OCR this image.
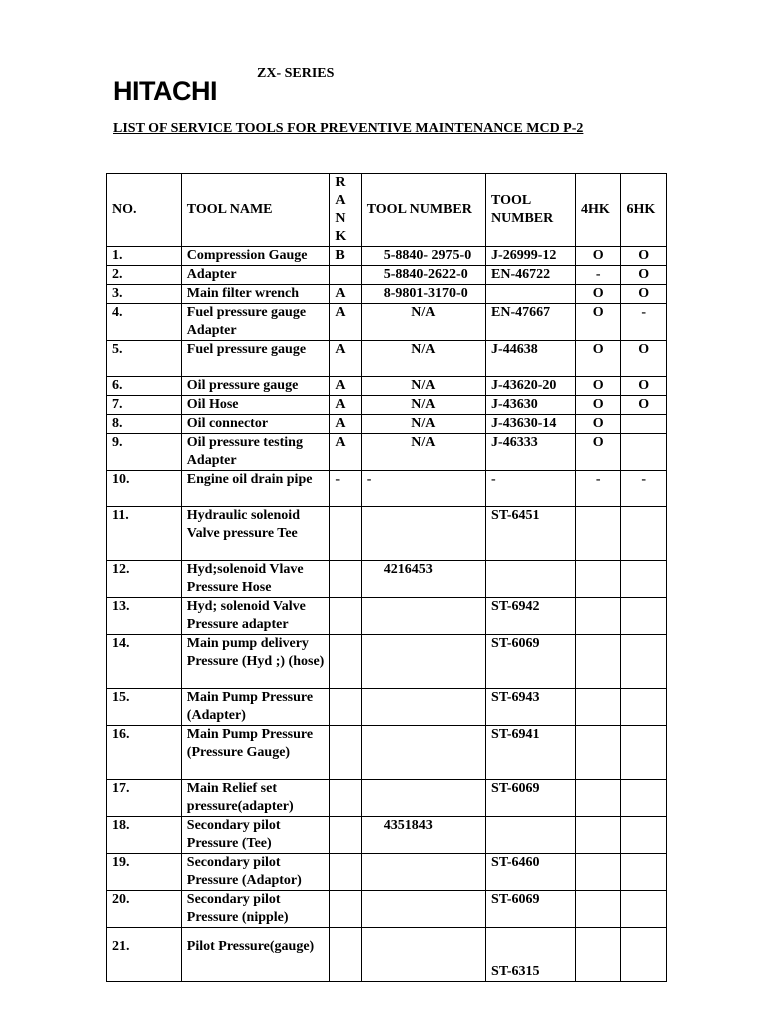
HITACHI
ZX- SERIES
LIST OF SERVICE TOOLS FOR PREVENTIVE MAINTENANCE MCD P-2
NO.	TOOL NAME	R
A
N
K	TOOL NUMBER	TOOL NUMBER	4HK	6HK
1.	Compression Gauge	B	5-8840- 2975-0	J-26999-12	O	O
2.	Adapter		5-8840-2622-0	EN-46722	-	O
3.	Main filter wrench	A	8-9801-3170-0		O	O
4.	Fuel pressure gauge Adapter	A	N/A	EN-47667	O	-
5.	Fuel pressure gauge	A	N/A	J-44638	O	O
6.	Oil pressure gauge	A	N/A	J-43620-20	O	O
7.	Oil Hose	A	N/A	J-43630	O	O
8.	Oil connector	A	N/A	J-43630-14	O	
9.	Oil pressure testing Adapter	A	N/A	J-46333	O	
10.	Engine oil drain pipe	-	-	-	-	-
11.	Hydraulic solenoid Valve pressure Tee			ST-6451		
12.	Hyd;solenoid Vlave Pressure Hose		4216453			
13.	Hyd; solenoid Valve Pressure adapter			ST-6942		
14.	Main pump delivery Pressure (Hyd ;) (hose)			ST-6069		
15.	Main Pump Pressure (Adapter)			ST-6943		
16.	Main Pump Pressure (Pressure Gauge)			ST-6941		
17.	Main Relief set pressure(adapter)			ST-6069		
18.	Secondary pilot Pressure (Tee)		4351843			
19.	Secondary pilot Pressure (Adaptor)			ST-6460		
20.	Secondary pilot Pressure (nipple)			ST-6069		
21.	Pilot Pressure(gauge)			ST-6315		
